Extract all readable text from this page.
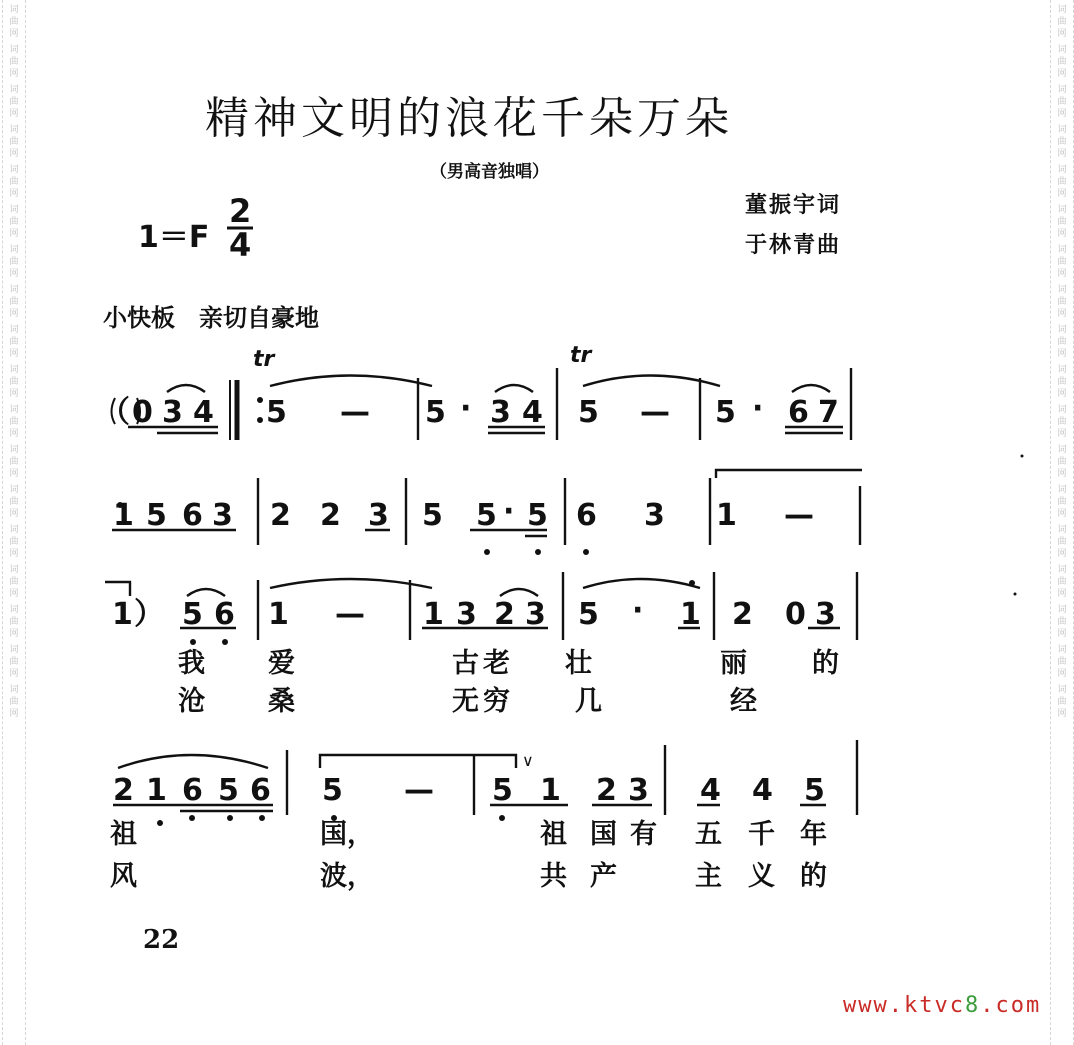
词曲网
词曲网
词曲网
词曲网
词曲网
词曲网
词曲网
词曲网
词曲网
词曲网
词曲网
词曲网
词曲网
词曲网
词曲网
词曲网
词曲网
词曲网
词曲网
词曲网
词曲网
词曲网
词曲网
词曲网
词曲网
词曲网
词曲网
词曲网
词曲网
词曲网
词曲网
词曲网
词曲网
词曲网
词曲网
词曲网
精神文明的浪花千朵万朵
（男高音独唱）
董振宇词
于林青曲
1＝F
小快板　亲切自豪地
2
4
tr	tr
∨
（ 0 3 4 5 — 5 · 3 4 5 — 5 · 6 7
1 5 6 3 2 2 3 5 5 · 5 6 3 1 —
1 ） 5 6 1 — 1 3 2 3 5 · 1 2 0 3
我 爱	古 老 壮	丽 的
沧 桑	无 穷 几	经
2 1 6 5 6 5 — 5 1 2 3 4 4 5
祖	国，	祖 国 有 五 千 年
风	波，	共 产	主 义 的
22
www.ktvc8.com
